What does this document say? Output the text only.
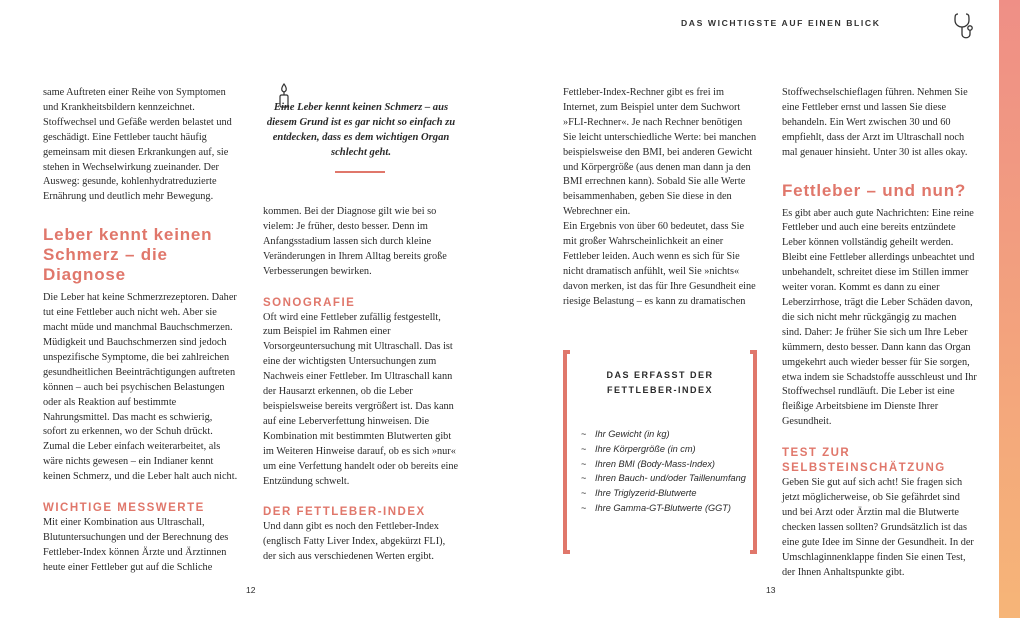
DAS WICHTIGSTE AUF EINEN BLICK

same Auftreten einer Reihe von Symptomen und Krankheitsbildern kennzeichnet. Stoffwechsel und Gefäße werden belastet und geschädigt. Eine Fettleber taucht häufig gemeinsam mit diesen Erkrankungen auf, sie stehen in Wechselwirkung zueinander. Der Ausweg: gesunde, kohlenhydratreduzierte Ernährung und deutlich mehr Bewegung.

Leber kennt keinen Schmerz – die Diagnose

Die Leber hat keine Schmerzrezeptoren. Daher tut eine Fettleber auch nicht weh. Aber sie macht müde und manchmal Bauchschmerzen. Müdigkeit und Bauchschmerzen sind jedoch unspezifische Symptome, die bei zahlreichen gesundheitlichen Beeinträchtigungen auftreten können – auch bei psychischen Belastungen oder als Reaktion auf bestimmte Nahrungsmittel. Das macht es schwierig, sofort zu erkennen, wo der Schuh drückt. Zumal die Leber einfach weiterarbeitet, als wäre nichts gewesen – ein Indianer kennt keinen Schmerz, und die Leber halt auch nicht.

WICHTIGE MESSWERTE

Mit einer Kombination aus Ultraschall, Blutuntersuchungen und der Berechnung des Fettleber-Index können Ärzte und Ärztinnen heute einer Fettleber gut auf die Schliche

Eine Leber kennt keinen Schmerz – aus diesem Grund ist es gar nicht so einfach zu entdecken, dass es dem wichtigen Organ schlecht geht.

kommen. Bei der Diagnose gilt wie bei so vielem: Je früher, desto besser. Denn im Anfangsstadium lassen sich durch kleine Veränderungen in Ihrem Alltag bereits große Verbesserungen bewirken.

SONOGRAFIE

Oft wird eine Fettleber zufällig festgestellt, zum Beispiel im Rahmen einer Vorsorgeuntersuchung mit Ultraschall. Das ist eine der wichtigsten Untersuchungen zum Nachweis einer Fettleber. Im Ultraschall kann der Hausarzt erkennen, ob die Leber beispielsweise bereits vergrößert ist. Das kann auf eine Leberverfettung hinweisen. Die Kombination mit bestimmten Blutwerten gibt im Weiteren Hinweise darauf, ob es sich »nur« um eine Verfettung handelt oder ob bereits eine Entzündung schwelt.

DER FETTLEBER-INDEX

Und dann gibt es noch den Fettleber-Index (englisch Fatty Liver Index, abgekürzt FLI), der sich aus verschiedenen Werten ergibt.

Fettleber-Index-Rechner gibt es frei im Internet, zum Beispiel unter dem Suchwort »FLI-Rechner«. Je nach Rechner benötigen Sie leicht unterschiedliche Werte: bei manchen beispielsweise den BMI, bei anderen Gewicht und Körpergröße (aus denen man dann ja den BMI errechnen kann). Sobald Sie alle Werte beisammenhaben, geben Sie diese in den Webrechner ein.

Ein Ergebnis von über 60 bedeutet, dass Sie mit großer Wahrscheinlichkeit an einer Fettleber leiden. Auch wenn es sich für Sie nicht dramatisch anfühlt, weil Sie »nichts« davon merken, ist das für Ihre Gesundheit eine riesige Belastung – es kann zu dramatischen

DAS ERFASST DER FETTLEBER-INDEX
~ Ihr Gewicht (in kg)
~ Ihre Körpergröße (in cm)
~ Ihren BMI (Body-Mass-Index)
~ Ihren Bauch- und/oder Taillenumfang
~ Ihre Triglyzerid-Blutwerte
~ Ihre Gamma-GT-Blutwerte (GGT)

Stoffwechselschieflagen führen. Nehmen Sie eine Fettleber ernst und lassen Sie diese behandeln. Ein Wert zwischen 30 und 60 empfiehlt, dass der Arzt im Ultraschall noch mal genauer hinsieht. Unter 30 ist alles okay.

Fettleber – und nun?

Es gibt aber auch gute Nachrichten: Eine reine Fettleber und auch eine bereits entzündete Leber können vollständig geheilt werden. Bleibt eine Fettleber allerdings unbeachtet und unbehandelt, schreitet diese im Stillen immer weiter voran. Kommt es dann zu einer Leberzirrhose, trägt die Leber Schäden davon, die sich nicht mehr rückgängig zu machen sind. Daher: Je früher Sie sich um Ihre Leber kümmern, desto besser. Dann kann das Organ umgekehrt auch wieder besser für Sie sorgen, etwa indem sie Schadstoffe ausschleust und Ihr Stoffwechsel rundläuft. Die Leber ist eine fleißige Arbeitsbiene im Dienste Ihrer Gesundheit.

TEST ZUR SELBSTEINSCHÄTZUNG

Geben Sie gut auf sich acht! Sie fragen sich jetzt möglicherweise, ob Sie gefährdet sind und bei Arzt oder Ärztin mal die Blutwerte checken lassen sollten? Grundsätzlich ist das eine gute Idee im Sinne der Gesundheit. In der Umschlaginnenklappe finden Sie einen Test, der Ihnen Anhaltspunkte gibt.

12	13
